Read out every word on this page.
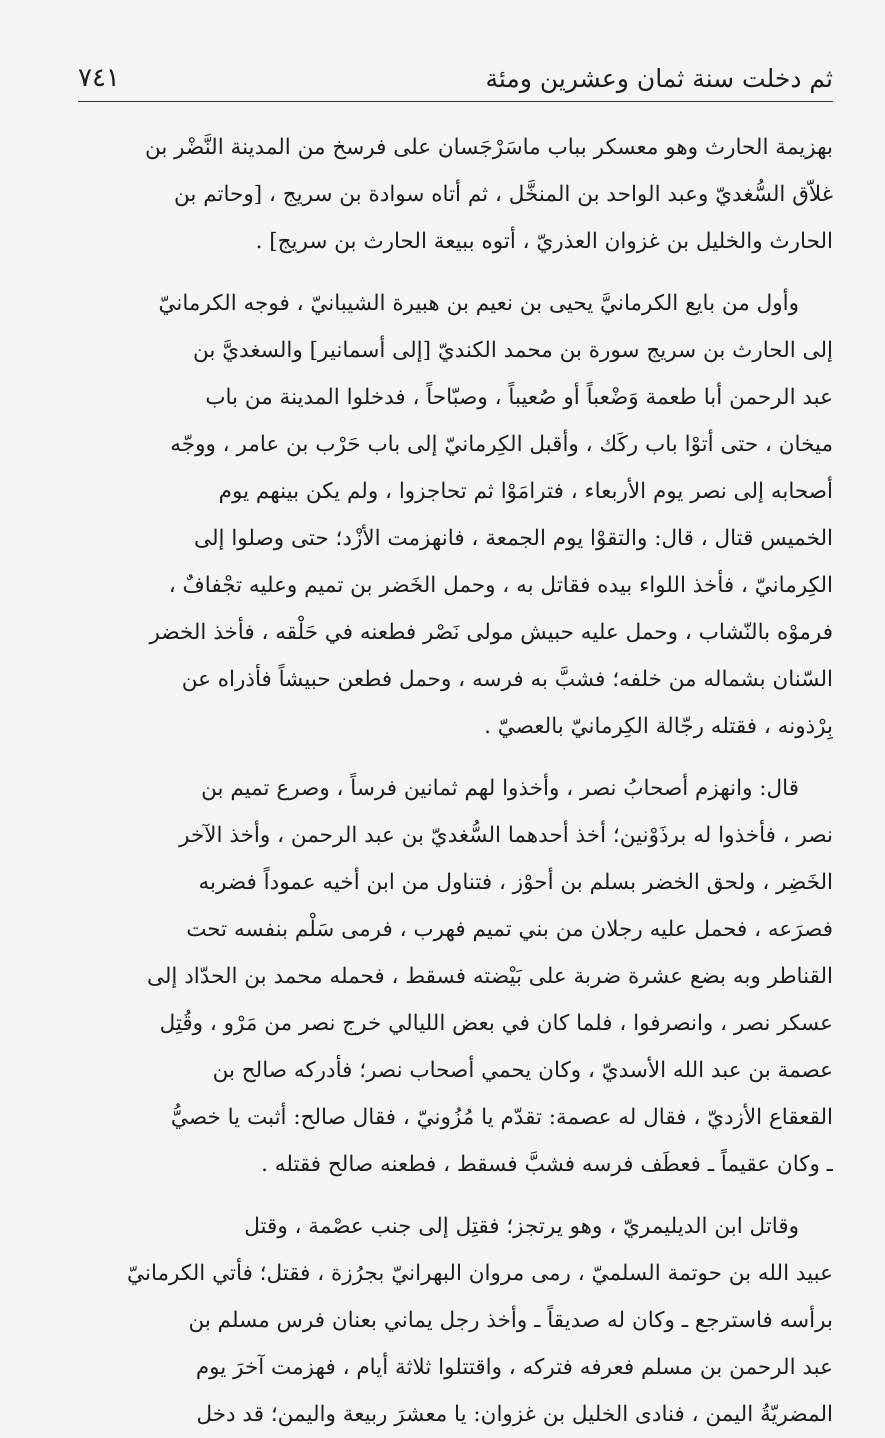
ثم دخلت سنة ثمان وعشرين ومئة
٧٤١
بهزيمة الحارث وهو معسكر بباب ماسَرْجَسان على فرسخ من المدينة النَّضْر بن
غلاّق السُّغديّ وعبد الواحد بن المنخَّل ، ثم أتاه سوادة بن سريج ، [وحاتم بن
الحارث والخليل بن غزوان العذريّ ، أتوه ببيعة الحارث بن سريج] .
وأول من بايع الكرمانيَّ يحيى بن نعيم بن هبيرة الشيبانيّ ، فوجه الكرمانيّ
إلى الحارث بن سريج سورة بن محمد الكنديّ [إلى أسمانير] والسغديَّ بن
عبد الرحمن أبا طعمة وَضْعباً أو صُعيباً ، وصبّاحاً ، فدخلوا المدينة من باب
ميخان ، حتى أتوْا باب ركَك ، وأقبل الكِرمانيّ إلى باب حَرْب بن عامر ، ووجّه
أصحابه إلى نصر يوم الأربعاء ، فترامَوْا ثم تحاجزوا ، ولم يكن بينهم يوم
الخميس قتال ، قال: والتقوْا يوم الجمعة ، فانهزمت الأزْد؛ حتى وصلوا إلى
الكِرمانيّ ، فأخذ اللواء بيده فقاتل به ، وحمل الخَضر بن تميم وعليه تجْفافٌ ،
فرموْه بالنّشاب ، وحمل عليه حبيش مولى نَصْر فطعنه في حَلْقه ، فأخذ الخضر
السّنان بشماله من خلفه؛ فشبَّ به فرسه ، وحمل فطعن حبيشاً فأذراه عن
بِرْذونه ، فقتله رجّالة الكِرمانيّ بالعصيّ .
قال: وانهزم أصحابُ نصر ، وأخذوا لهم ثمانين فرساً ، وصرع تميم بن
نصر ، فأخذوا له برذَوْنين؛ أخذ أحدهما السُّغديّ بن عبد الرحمن ، وأخذ الآخر
الخَضِر ، ولحق الخضر بسلم بن أحوْز ، فتناول من ابن أخيه عموداً فضربه
فصرَعه ، فحمل عليه رجلان من بني تميم فهرب ، فرمى سَلْم بنفسه تحت
القناطر وبه بضع عشرة ضربة على بَيْضته فسقط ، فحمله محمد بن الحدّاد إلى
عسكر نصر ، وانصرفوا ، فلما كان في بعض الليالي خرج نصر من مَرْو ، وقُتِل
عصمة بن عبد الله الأسديّ ، وكان يحمي أصحاب نصر؛ فأدركه صالح بن
القعقاع الأزديّ ، فقال له عصمة: تقدّم يا مُزُونيّ ، فقال صالح: أثبت يا خصيُّ
ـ وكان عقيماً ـ فعطَف فرسه فشبَّ فسقط ، فطعنه صالح فقتله .
وقاتل ابن الديليمريّ ، وهو يرتجز؛ فقتِل إلى جنب عصْمة ، وقتل
عبيد الله بن حوتمة السلميّ ، رمى مروان البهرانيّ بجرُزة ، فقتل؛ فأتي الكرمانيّ
برأسه فاسترجع ـ وكان له صديقاً ـ وأخذ رجل يماني بعنان فرس مسلم بن
عبد الرحمن بن مسلم فعرفه فتركه ، واقتتلوا ثلاثة أيام ، فهزمت آخرَ يوم
المضريّةُ اليمن ، فنادى الخليل بن غزوان: يا معشرَ ربيعة واليمن؛ قد دخل
